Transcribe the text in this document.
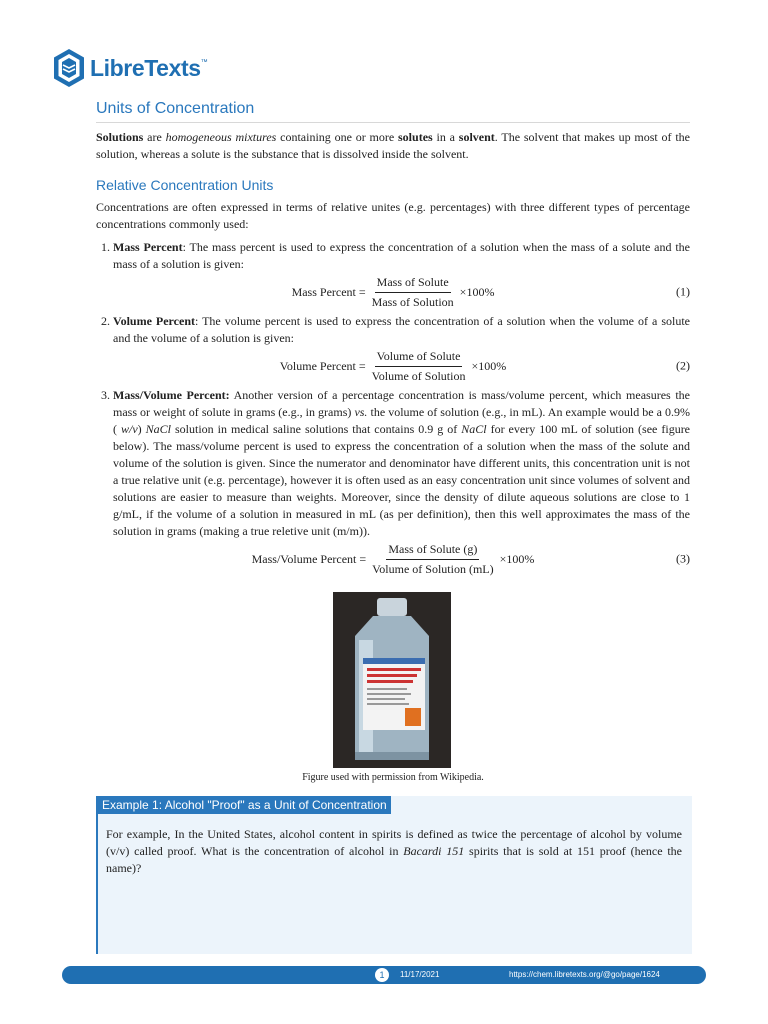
LibreTexts ™
Units of Concentration

Solutions are homogeneous mixtures containing one or more solutes in a solvent. The solvent that makes up most of the solution, whereas a solute is the substance that is dissolved inside the solvent.

Relative Concentration Units

Concentrations are often expressed in terms of relative unites (e.g. percentages) with three different types of percentage concentrations commonly used:

1. Mass Percent: The mass percent is used to express the concentration of a solution when the mass of a solute and the mass of a solution is given:
Mass Percent = $\frac{\text{Mass of Solute}}{\text{Mass of Solution}} \times 100\%$	(1)
2. Volume Percent: The volume percent is used to express the concentration of a solution when the volume of a solute and the volume of a solution is given:
Volume Percent = $\frac{\text{Volume of Solute}}{\text{Volume of Solution}} \times 100\%$	(2)
3. Mass/Volume Percent: Another version of a percentage concentration is mass/volume percent, which measures the mass or weight of solute in grams (e.g., in grams) vs. the volume of solution (e.g., in mL). An example would be a 0.9%( w/v) NaCl solution in medical saline solutions that contains 0.9 g of NaCl for every 100 mL of solution (see figure below). The mass/volume percent is used to express the concentration of a solution when the mass of the solute and volume of the solution is given. Since the numerator and denominator have different units, this concentration unit is not a true relative unit (e.g. percentage), however it is often used as an easy concentration unit since volumes of solvent and solutions are easier to measure than weights. Moreover, since the density of dilute aqueous solutions are close to 1 g/mL, if the volume of a solution in measured in mL (as per definition), then this well approximates the mass of the solution in grams (making a true reletive unit (m/m)).
Mass/Volume Percent = $\frac{\text{Mass of Solute (g)}}{\text{Volume of Solution (mL)}} \times 100\%$	(3)
Figure used with permission from Wikipedia.
Example 1: Alcohol "Proof" as a Unit of Concentration

For example, In the United States, alcohol content in spirits is defined as twice the percentage of alcohol by volume (v/v) called proof. What is the concentration of alcohol in Bacardi 151 spirits that is sold at 151 proof (hence the name)?

1	11/17/2021	https://chem.libretexts.org/@go/page/1624
